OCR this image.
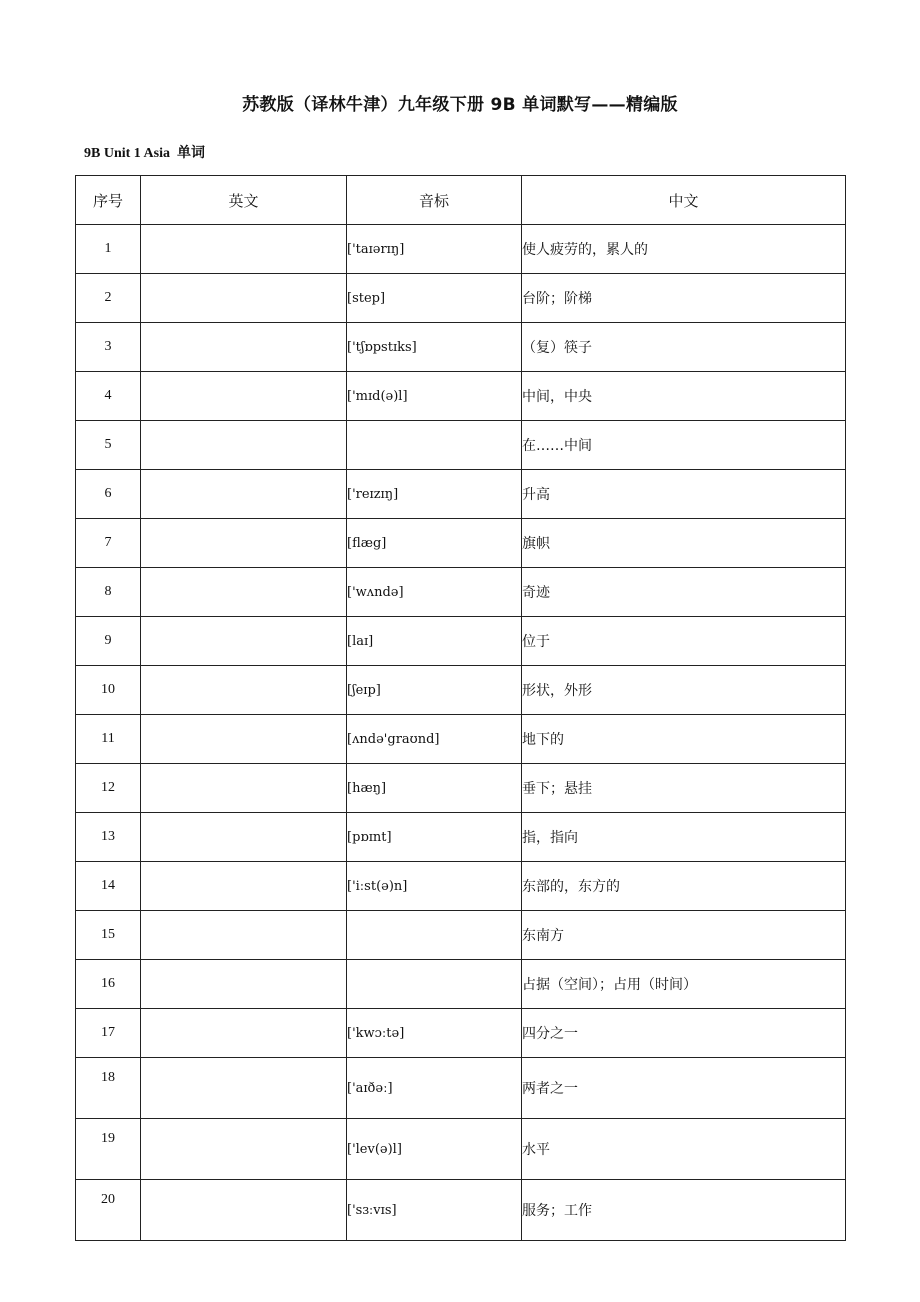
苏教版（译林牛津）九年级下册 9B 单词默写——精编版
9B Unit 1 Asia 单词
序号	英文	音标	中文
1		['taɪərɪŋ]	使人疲劳的，累人的
2		[step]	台阶；阶梯
3		['tʃɒpstɪks]	（复）筷子
4		['mɪd(ə)l]	中间，中央
5			在……中间
6		['reɪzɪŋ]	升高
7		[flæg]	旗帜
8		['wʌndə]	奇迹
9		[laɪ]	位于
10		[ʃeɪp]	形状，外形
11		[ʌndə'graʊnd]	地下的
12		[hæŋ]	垂下；悬挂
13		[pɒɪnt]	指，指向
14		['iːst(ə)n]	东部的，东方的
15			东南方
16			占据（空间）；占用（时间）
17		['kwɔːtə]	四分之一
18		['aɪðəː]	两者之一
19		['lev(ə)l]	水平
20		['sɜːvɪs]	服务；工作
